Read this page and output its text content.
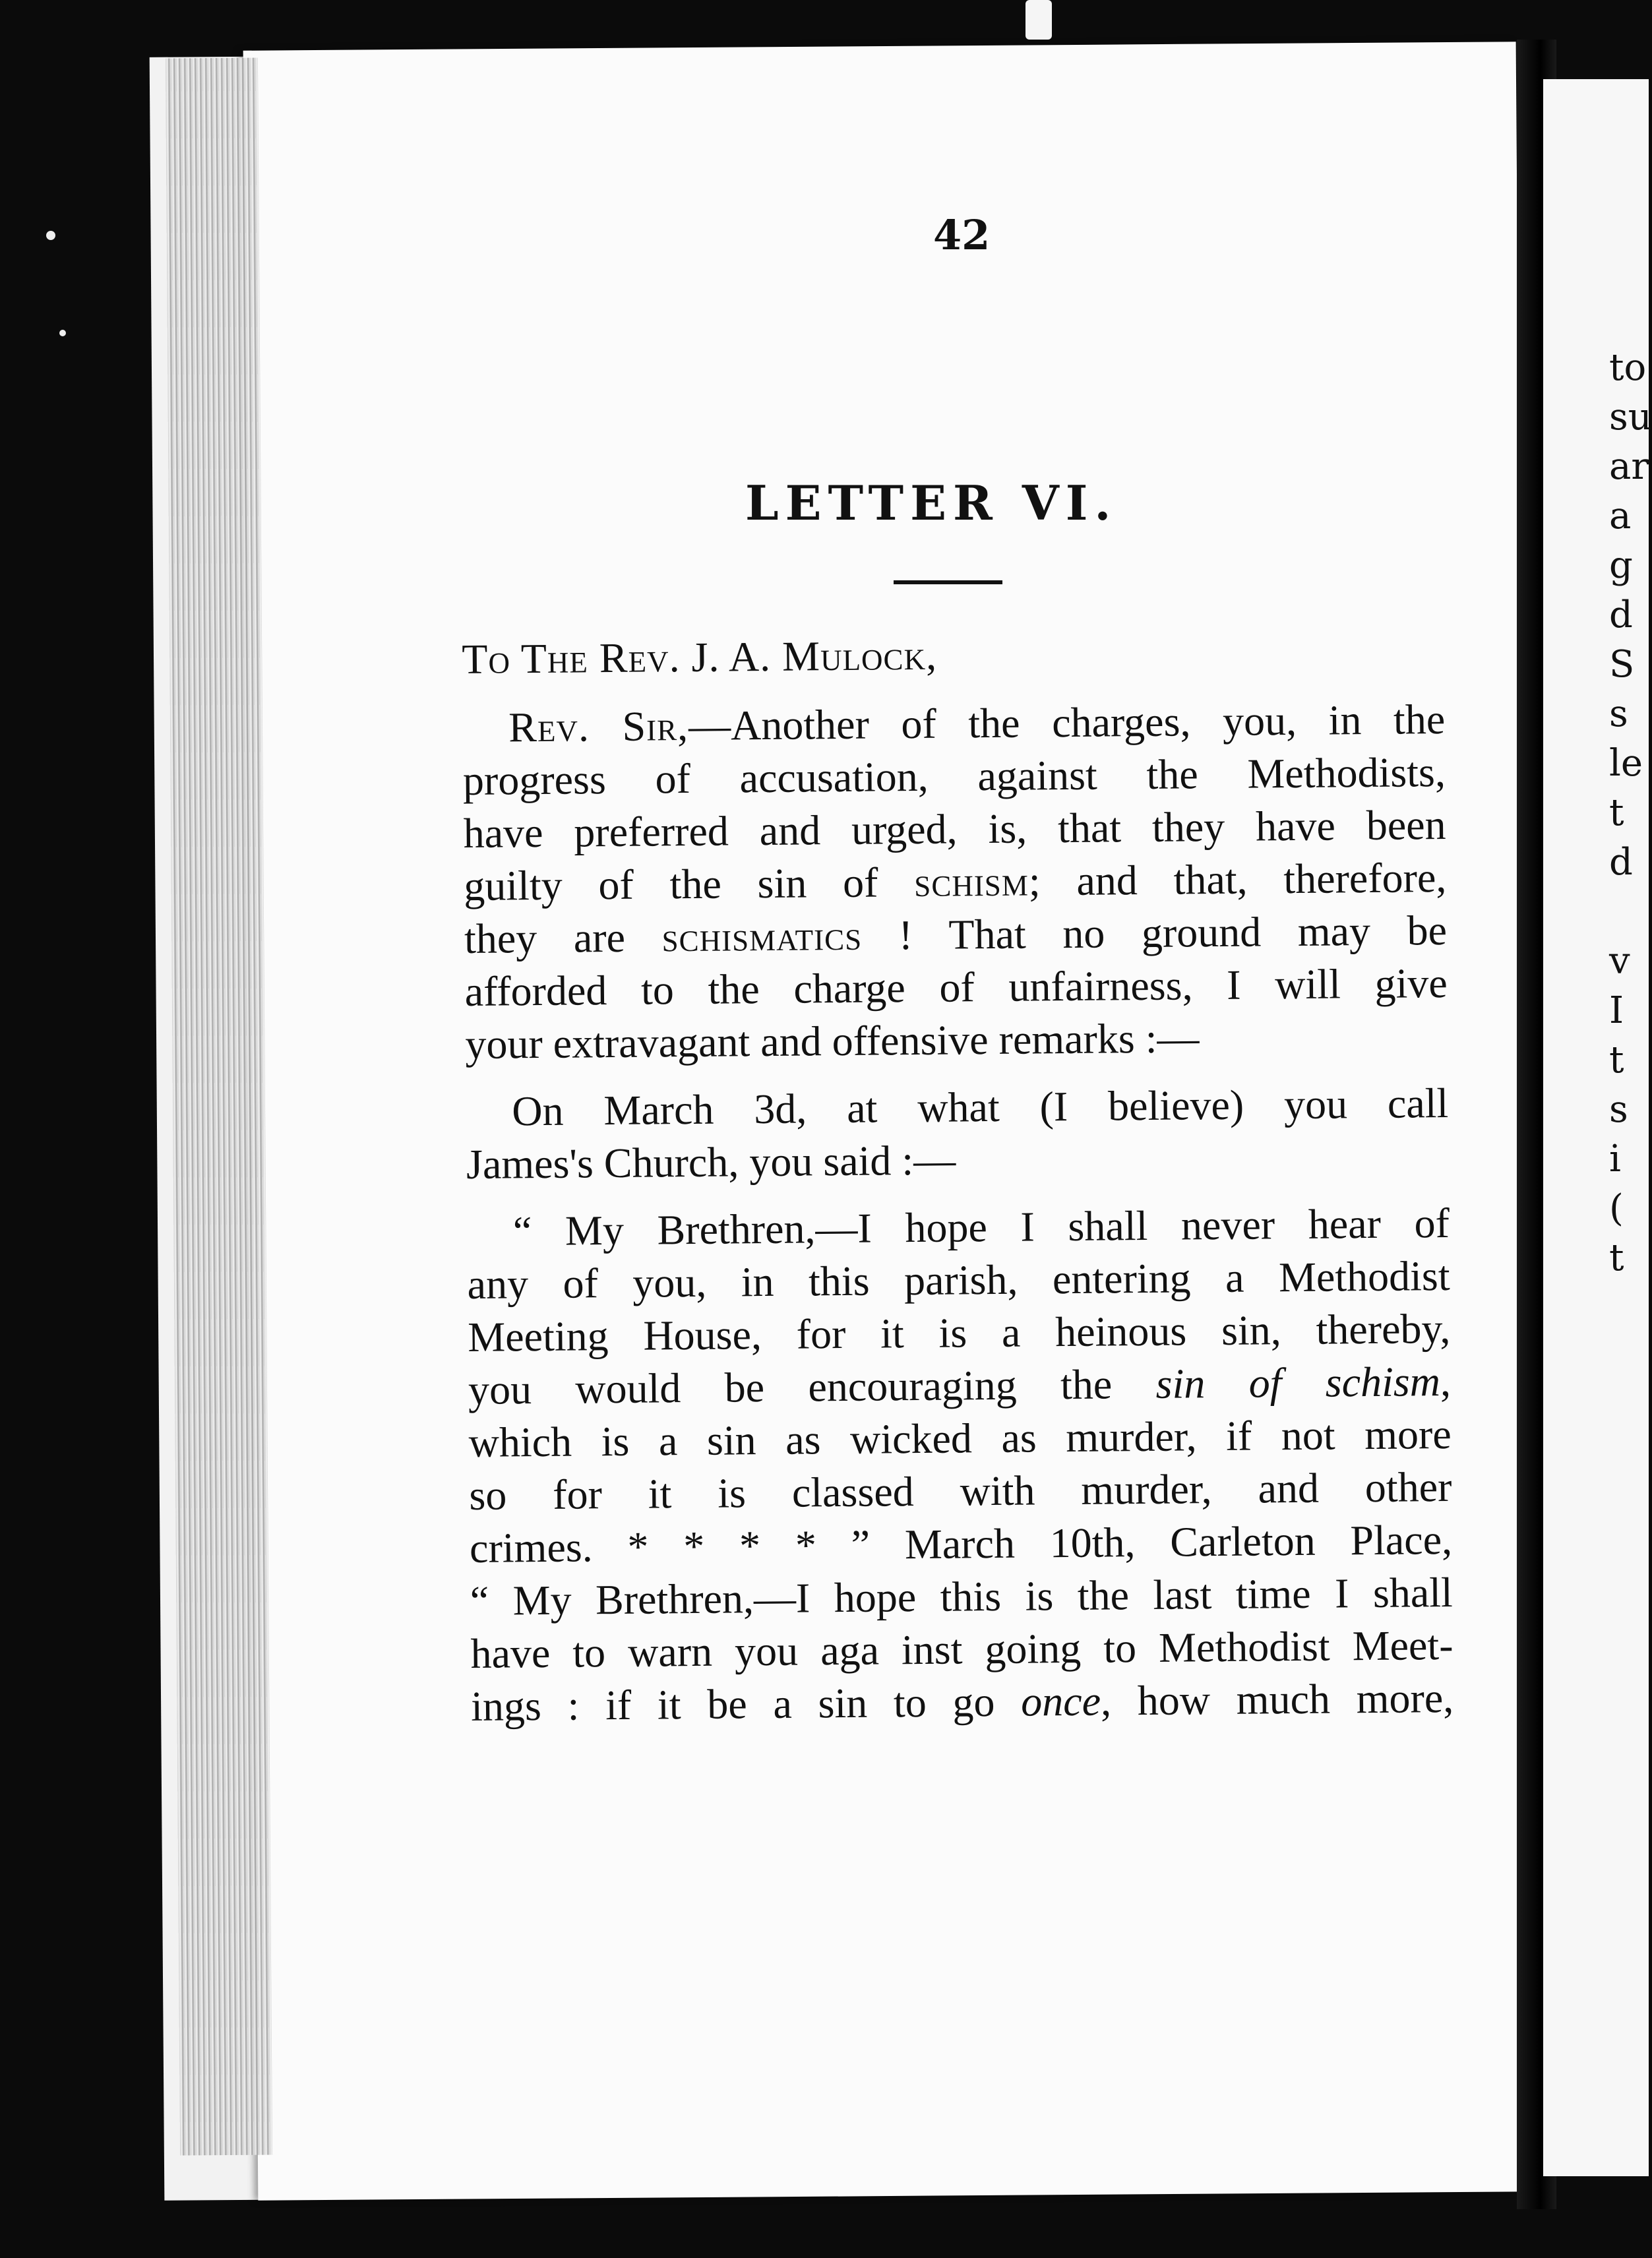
to
su
ar
a
g
d
S
s
le
t
d
v
I
t
s
i
(
t
42
LETTER VI.
To The Rev. J. A. Mulock,
Rev. Sir,—Another of the charges, you, in the
progress of accusation, against the Methodists,
have preferred and urged, is, that they have been
guilty of the sin of schism; and that, therefore,
they are schismatics ! That no ground may be
afforded to the charge of unfairness, I will give
your extravagant and offensive remarks :—
On March 3d, at what (I believe) you call
James's Church, you said :—
“ My Brethren,—I hope I shall never hear of
any of you, in this parish, entering a Methodist
Meeting House, for it is a heinous sin, thereby,
you would be encouraging the sin of schism,
which is a sin as wicked as murder, if not more
so for it is classed with murder, and other
crimes. * * * * ” March 10th, Carleton Place,
“ My Brethren,—I hope this is the last time I shall
have to warn you aga inst going to Methodist Meet-
ings : if it be a sin to go once, how much more,
